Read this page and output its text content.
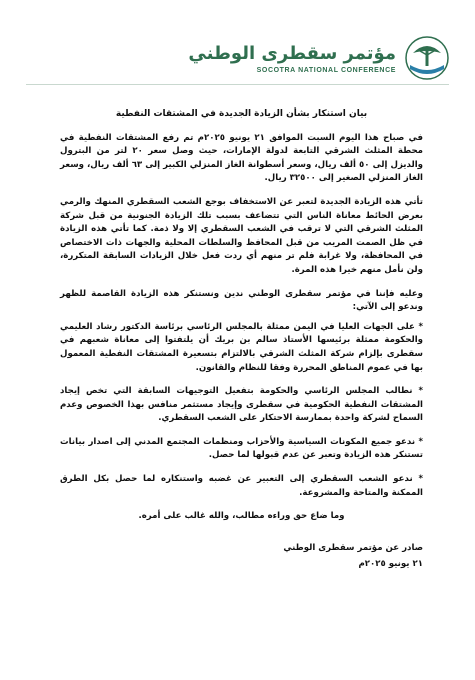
مؤتمر سقطرى الوطني
SOCOTRA NATIONAL CONFERENCE
بيان استنكار بشأن الزيادة الجديدة في المشتقات النفطية

في صباح هذا اليوم السبت الموافق ٢١ يونيو ٢٠٢٥م تم رفع المشتقات النفطية في محطة المثلث الشرقي التابعة لدولة الإمارات، حيث وصل سعر ٢٠ لتر من البترول والديزل إلى ٥٠ ألف ريال، وسعر أسطوانة الغاز المنزلي الكبير إلى ٦٣ ألف ريال، وسعر الغاز المنزلي الصغير إلى ٣٢٥٠٠ ريال.

تأتي هذه الزيادة الجديدة لتعبر عن الاستخفاف بوجع الشعب السقطري المنهك والرمي بعرض الحائط معاناة الناس التي تتضاعف بسبب تلك الزيادة الجنونية من قبل شركة المثلث الشرقي التي لا ترقب في الشعب السقطري إلا ولا ذمة. كما تأتي هذه الزيادة في ظل الصمت المريب من قبل المحافظ والسلطات المحلية والجهات ذات الاختصاص في المحافظة، ولا غرابة فلم تر منهم أي ردت فعل خلال الزيادات السابقة المتكررة، ولن نأمل منهم خيرا هذه المرة.

وعليه فإننا في مؤتمر سقطرى الوطني ندين ونستنكر هذه الزيادة القاصمة للظهر وندعو إلى الآتي:

* على الجهات العليا في اليمن ممثلة بالمجلس الرئاسي برئاسة الدكتور رشاد العليمي والحكومة ممثلة برئيسها الأستاذ سالم بن بريك أن يلتفتوا إلى معاناة شعبهم في سقطرى بإلزام شركة المثلث الشرقي بالالتزام بتسعيرة المشتقات النفطية المعمول بها في عموم المناطق المحررة وفقا للنظام والقانون.

* نطالب المجلس الرئاسي والحكومة بتفعيل التوجيهات السابقة التي تخص إيجاد المشتقات النفطية الحكومية في سقطرى وإيجاد مستثمر منافس بهذا الخصوص وعدم السماح لشركة واحدة بممارسة الاحتكار على الشعب السقطري.

* ندعو جميع المكونات السياسية والأحزاب ومنظمات المجتمع المدني إلى اصدار بيانات تستنكر هذه الزيادة وتعبر عن عدم قبولها لما حصل.

* ندعو الشعب السقطري إلى التعبير عن غضبه واستنكاره لما حصل بكل الطرق الممكنة والمتاحة والمشروعة.

وما ضاع حق وراءه مطالب، والله غالب على أمره.
صادر عن مؤتمر سقطرى الوطني
٢١ يونيو ٢٠٢٥م
